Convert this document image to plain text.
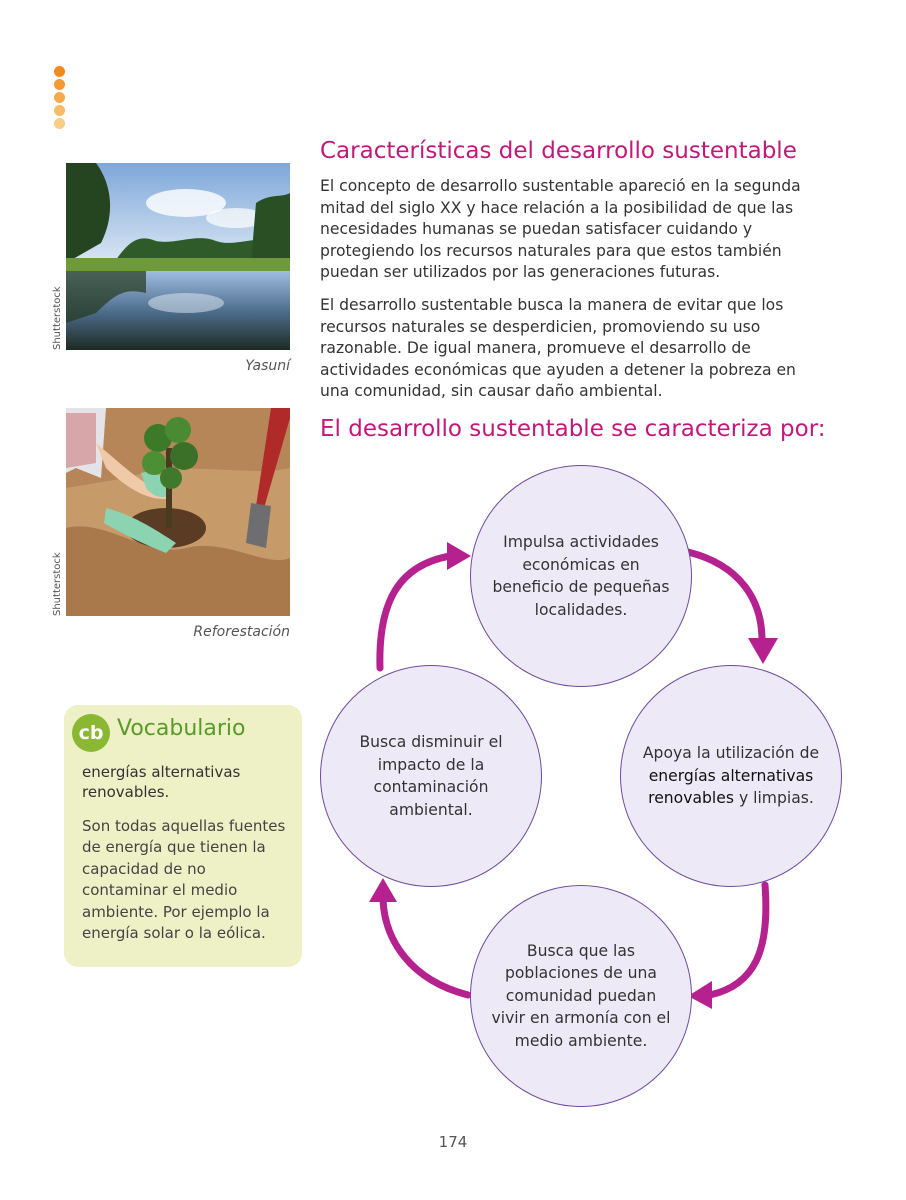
Shutterstock
Yasuní
Shutterstock
Reforestación
Características del desarrollo sustentable
El concepto de desarrollo sustentable apareció en la segunda mitad del siglo XX y hace relación a la posibilidad de que las necesidades humanas se puedan satisfacer cuidando y protegiendo los recursos naturales para que estos también puedan ser utilizados por las generaciones futuras.
El desarrollo sustentable busca la manera de evitar que los recursos naturales se desperdicien, promoviendo su uso razonable. De igual manera, promueve el desarrollo de actividades económicas que ayuden a detener la pobreza en una comunidad, sin causar daño ambiental.
El desarrollo sustentable se caracteriza por:
Impulsa actividades económicas en beneficio de pequeñas localidades.
Apoya la utilización de energías alternativas renovables y limpias.
Busca que las poblaciones de una comunidad puedan vivir en armonía con el medio ambiente.
Busca disminuir el impacto de la contaminación ambiental.
cb Vocabulario
energías alternativas renovables.
Son todas aquellas fuentes de energía que tienen la capacidad de no contaminar el medio ambiente. Por ejemplo la energía solar o la eólica.
174
